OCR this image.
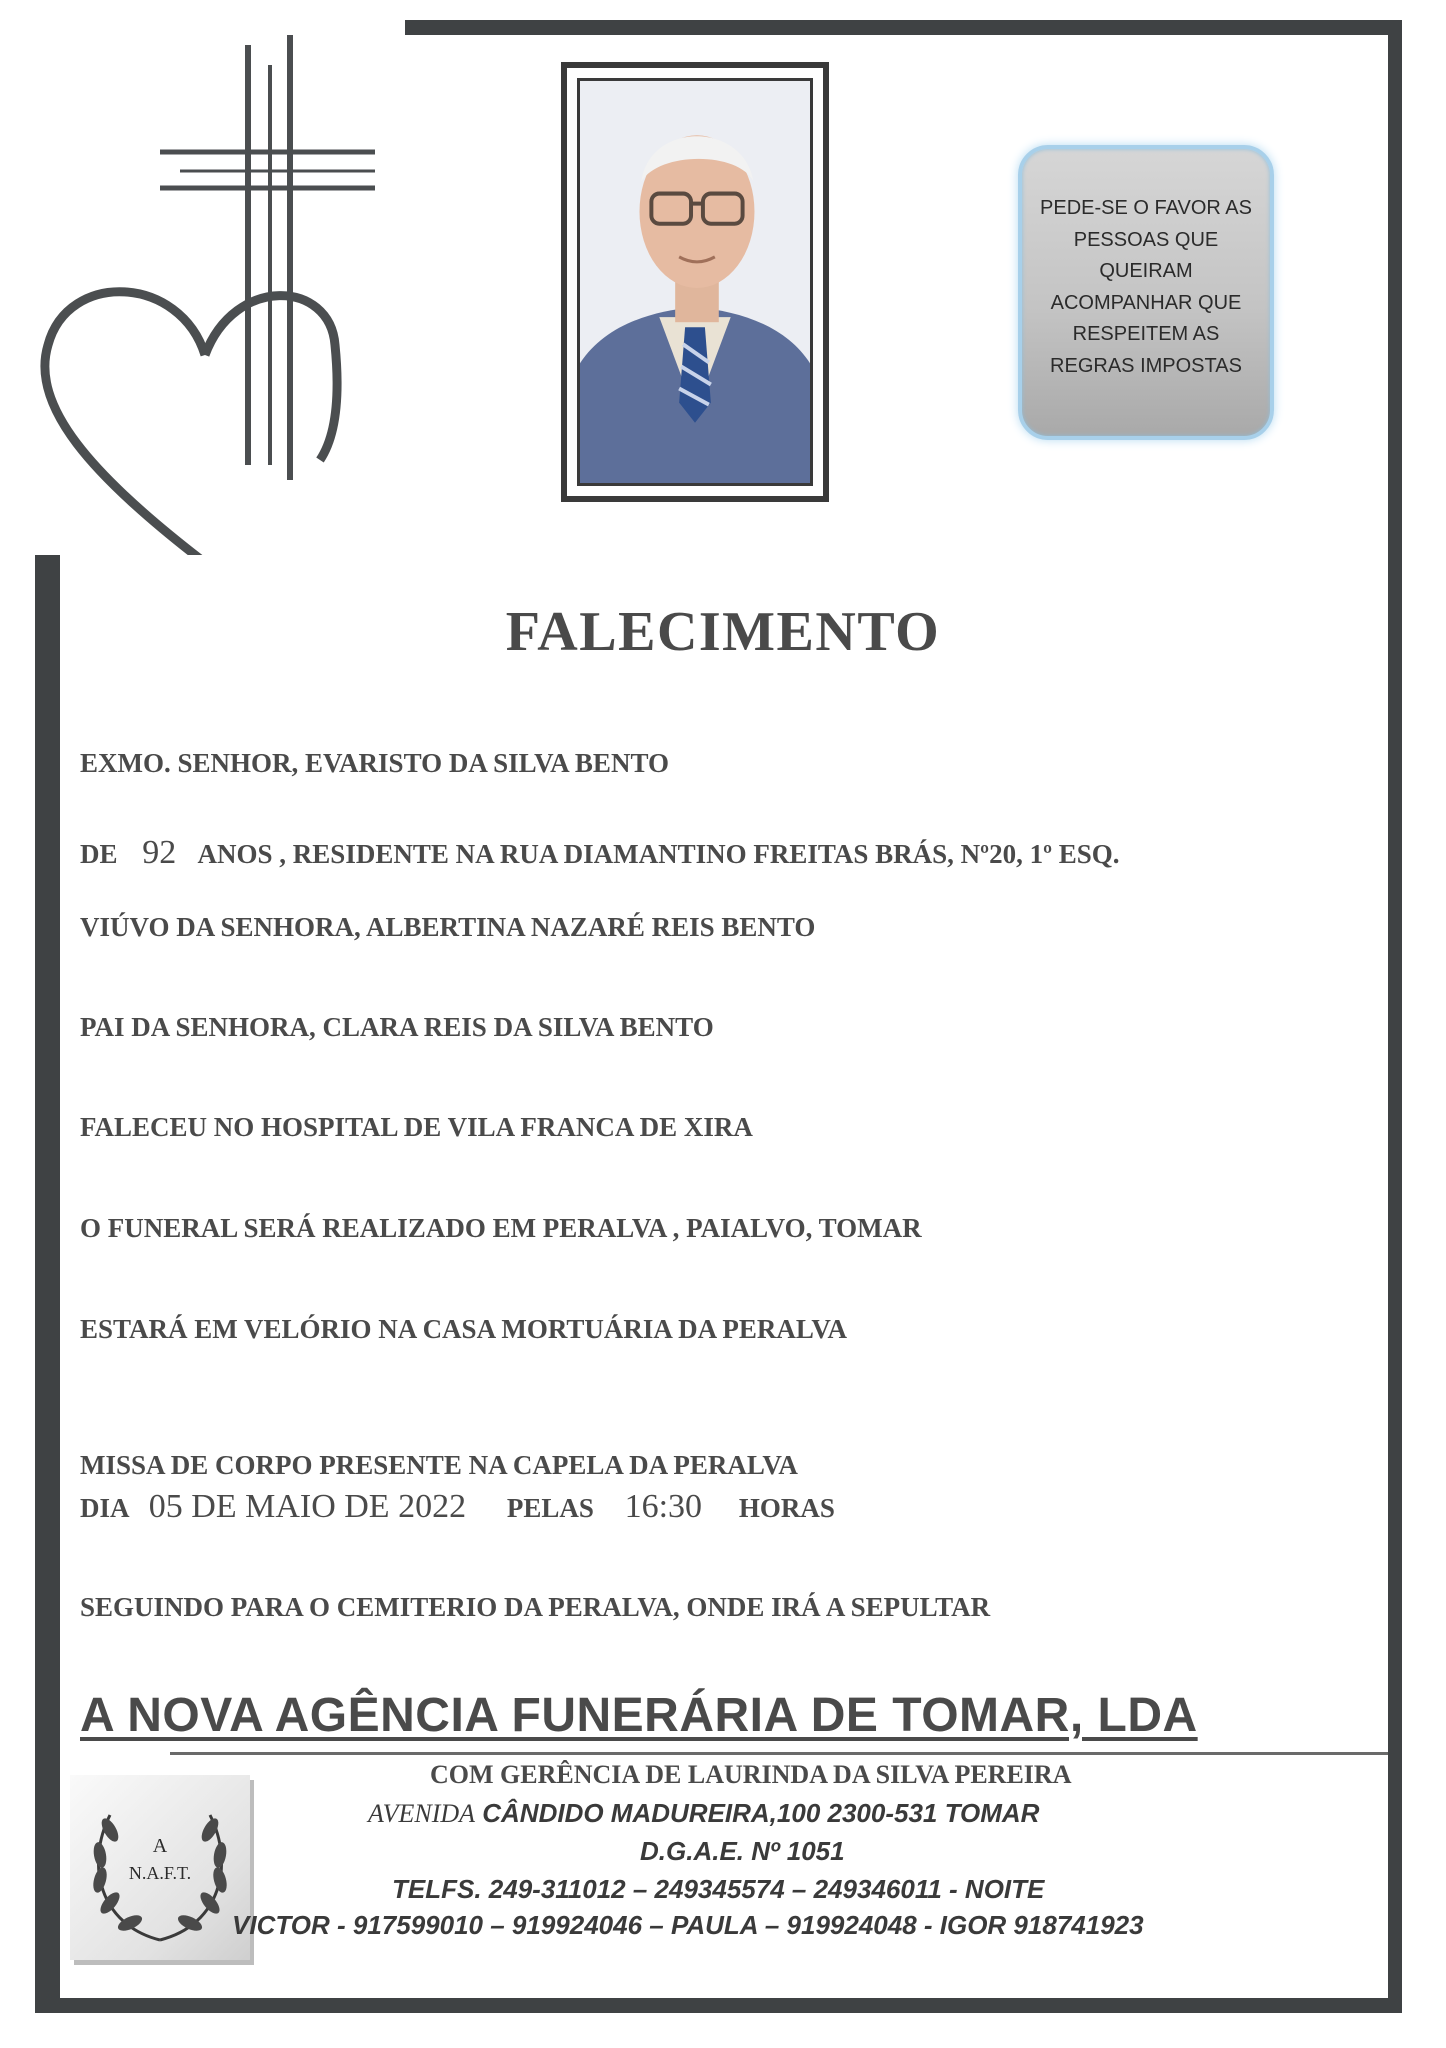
PEDE-SE O FAVOR AS
PESSOAS QUE
QUEIRAM
ACOMPANHAR QUE
RESPEITEM AS
REGRAS IMPOSTAS
FALECIMENTO
EXMO. SENHOR, EVARISTO DA SILVA BENTO
DE 92 ANOS , RESIDENTE NA RUA DIAMANTINO FREITAS BRÁS, Nº20, 1º ESQ.
VIÚVO DA SENHORA, ALBERTINA NAZARÉ REIS BENTO
PAI DA SENHORA, CLARA REIS DA SILVA BENTO
FALECEU NO HOSPITAL DE VILA FRANCA DE XIRA
O FUNERAL SERÁ REALIZADO EM PERALVA , PAIALVO, TOMAR
ESTARÁ EM VELÓRIO NA CASA MORTUÁRIA DA PERALVA
MISSA DE CORPO PRESENTE NA CAPELA DA PERALVA
DIA 05 DE MAIO DE 2022 PELAS 16:30 HORAS
SEGUINDO PARA O CEMITERIO DA PERALVA, ONDE IRÁ A SEPULTAR
A NOVA AGÊNCIA FUNERÁRIA DE TOMAR, LDA
A
N.A.F.T.
COM GERÊNCIA DE LAURINDA DA SILVA PEREIRA
AVENIDA CÂNDIDO MADUREIRA,100 2300-531 TOMAR
D.G.A.E. Nº 1051
TELFS. 249-311012 – 249345574 – 249346011 - NOITE
VICTOR - 917599010 – 919924046 – PAULA – 919924048 - IGOR 918741923
